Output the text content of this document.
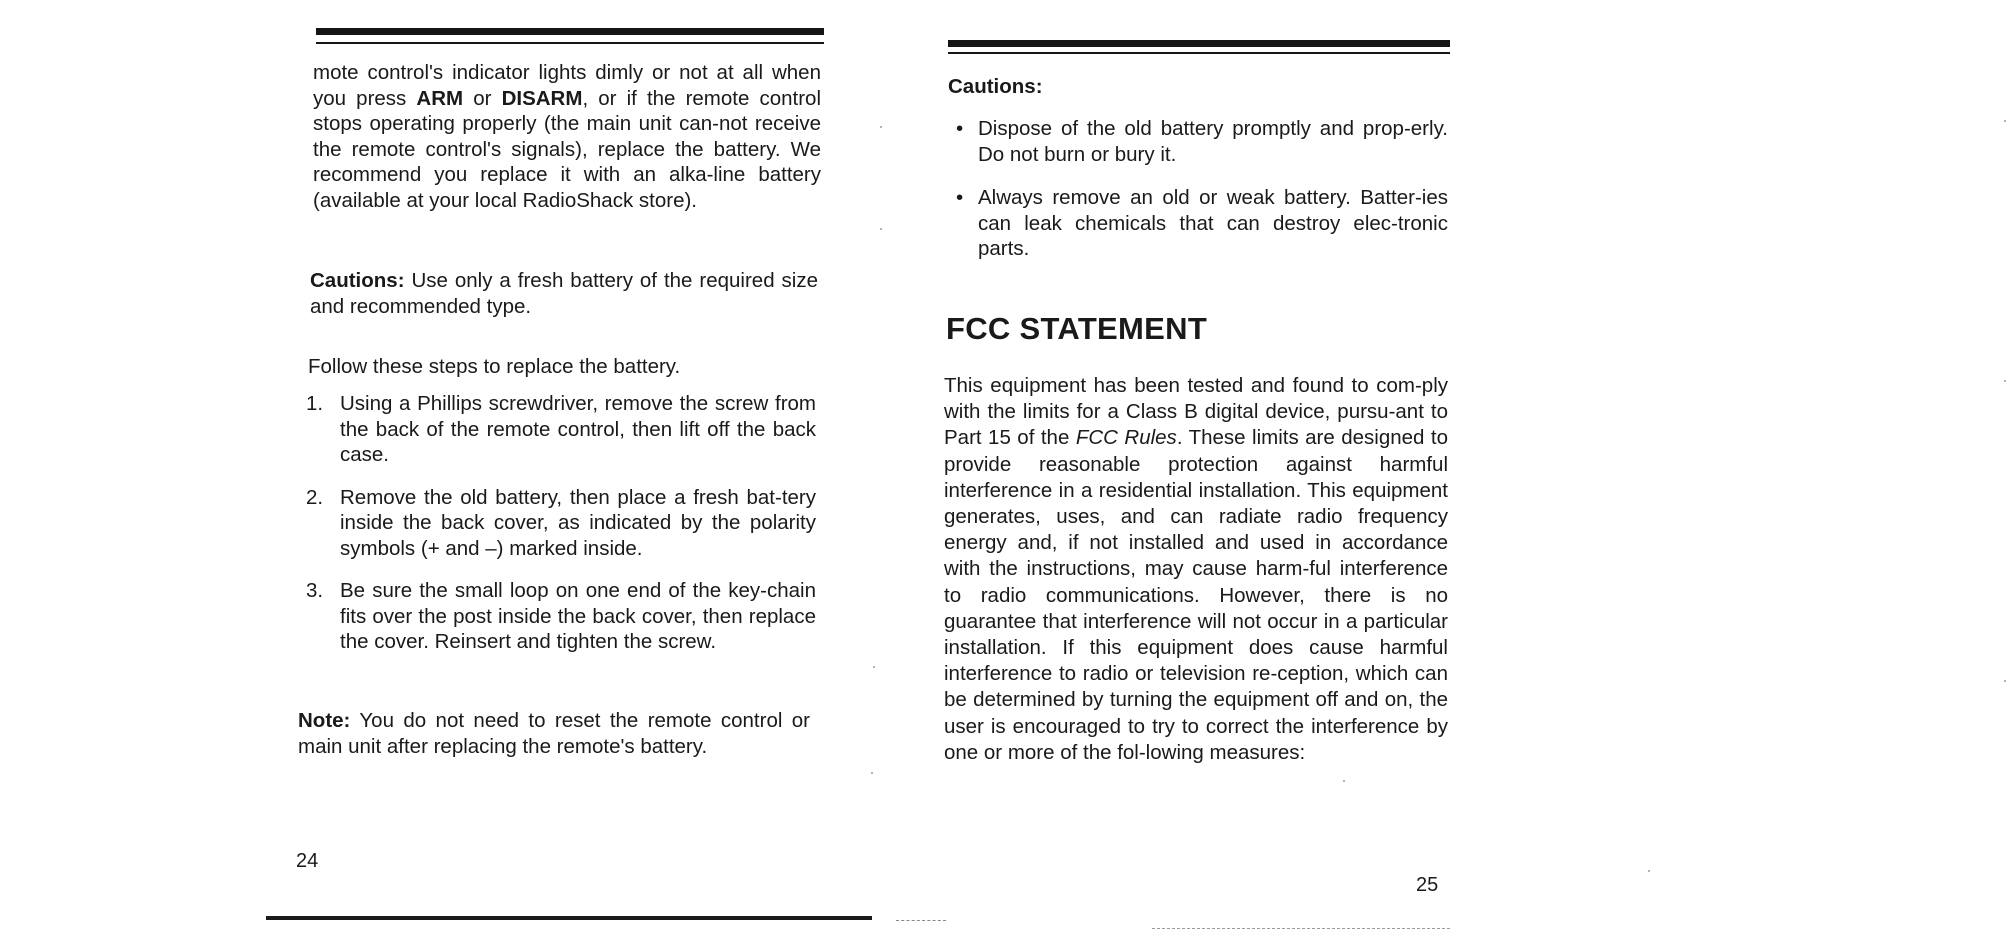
mote control's indicator lights dimly or not at all when you press ARM or DISARM, or if the remote control stops operating properly (the main unit can-not receive the remote control's signals), replace the battery. We recommend you replace it with an alka-line battery (available at your local RadioShack store).
Cautions: Use only a fresh battery of the required size and recommended type.
Follow these steps to replace the battery.
1. Using a Phillips screwdriver, remove the screw from the back of the remote control, then lift off the back case.
2. Remove the old battery, then place a fresh bat-tery inside the back cover, as indicated by the polarity symbols (+ and –) marked inside.
3. Be sure the small loop on one end of the key-chain fits over the post inside the back cover, then replace the cover. Reinsert and tighten the screw.
Note: You do not need to reset the remote control or main unit after replacing the remote's battery.
24
Cautions:
• Dispose of the old battery promptly and prop-erly. Do not burn or bury it.
• Always remove an old or weak battery. Batter-ies can leak chemicals that can destroy elec-tronic parts.
FCC STATEMENT
This equipment has been tested and found to com-ply with the limits for a Class B digital device, pursu-ant to Part 15 of the FCC Rules. These limits are designed to provide reasonable protection against harmful interference in a residential installation. This equipment generates, uses, and can radiate radio frequency energy and, if not installed and used in accordance with the instructions, may cause harm-ful interference to radio communications. However, there is no guarantee that interference will not occur in a particular installation. If this equipment does cause harmful interference to radio or television re-ception, which can be determined by turning the equipment off and on, the user is encouraged to try to correct the interference by one or more of the fol-lowing measures:
25
